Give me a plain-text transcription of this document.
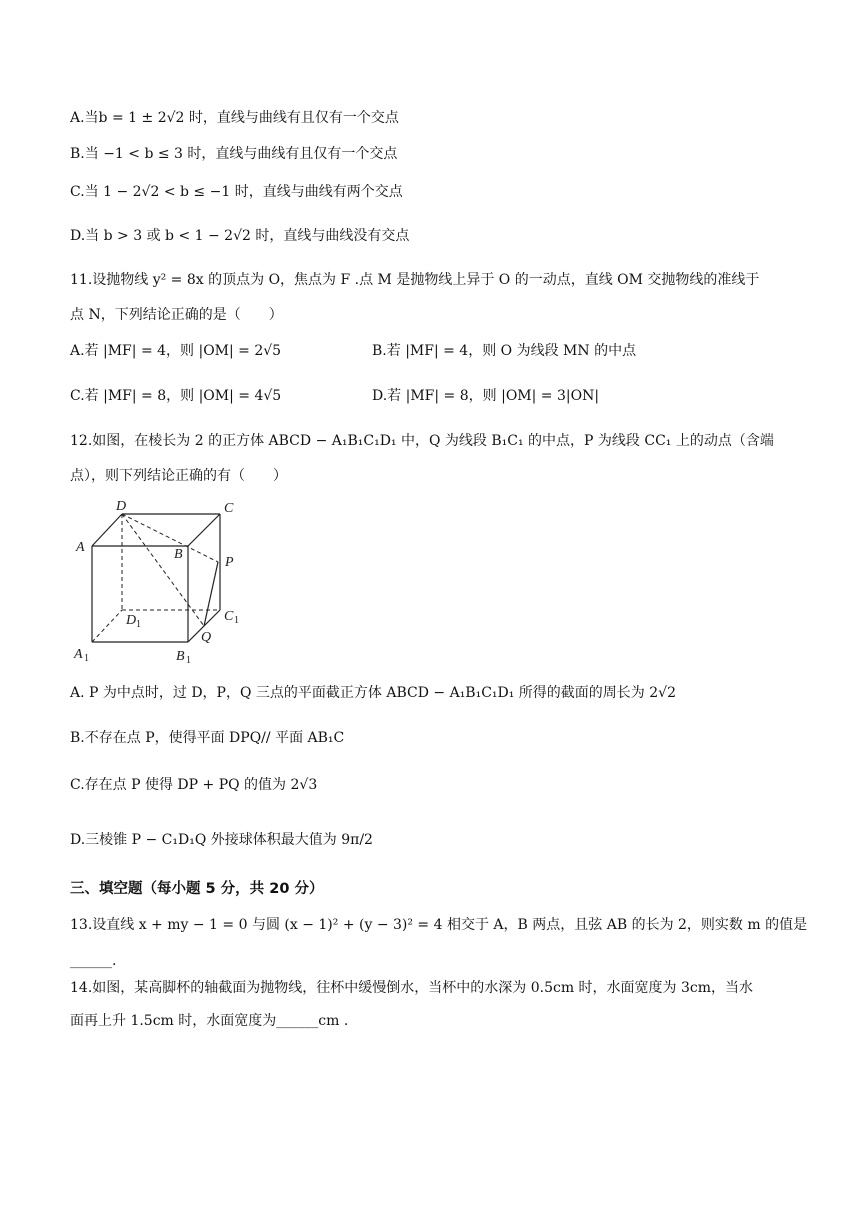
A.当b = 1 ± 2√2 时，直线与曲线有且仅有一个交点
B.当 −1 < b ≤ 3 时，直线与曲线有且仅有一个交点
C.当 1 − 2√2 < b ≤ −1 时，直线与曲线有两个交点
D.当 b > 3 或 b < 1 − 2√2 时，直线与曲线没有交点
11.设抛物线 y² = 8x 的顶点为 O，焦点为 F .点 M 是抛物线上异于 O 的一动点，直线 OM 交抛物线的准线于
点 N，下列结论正确的是（　　）
A.若 |MF| = 4，则 |OM| = 2√5	B.若 |MF| = 4，则 O 为线段 MN 的中点
C.若 |MF| = 8，则 |OM| = 4√5	D.若 |MF| = 8，则 |OM| = 3|ON|
12.如图，在棱长为 2 的正方体 ABCD − A₁B₁C₁D₁ 中，Q 为线段 B₁C₁ 的中点，P 为线段 CC₁ 上的动点（含端
点），则下列结论正确的有（　　）
D	C
A	B
P
D 1
C 1
Q
A 1	B 1
A. P 为中点时，过 D，P，Q 三点的平面截正方体 ABCD − A₁B₁C₁D₁ 所得的截面的周长为 2√2
B.不存在点 P，使得平面 DPQ// 平面 AB₁C
C.存在点 P 使得 DP + PQ 的值为 2√3
D.三棱锥 P − C₁D₁Q 外接球体积最大值为 9π/2
三、填空题（每小题 5 分，共 20 分）
13.设直线 x + my − 1 = 0 与圆 (x − 1)² + (y − 3)² = 4 相交于 A，B 两点，且弦 AB 的长为 2，则实数 m 的值是
______.
14.如图，某高脚杯的轴截面为抛物线，往杯中缓慢倒水，当杯中的水深为 0.5cm 时，水面宽度为 3cm，当水
面再上升 1.5cm 时，水面宽度为______cm .
